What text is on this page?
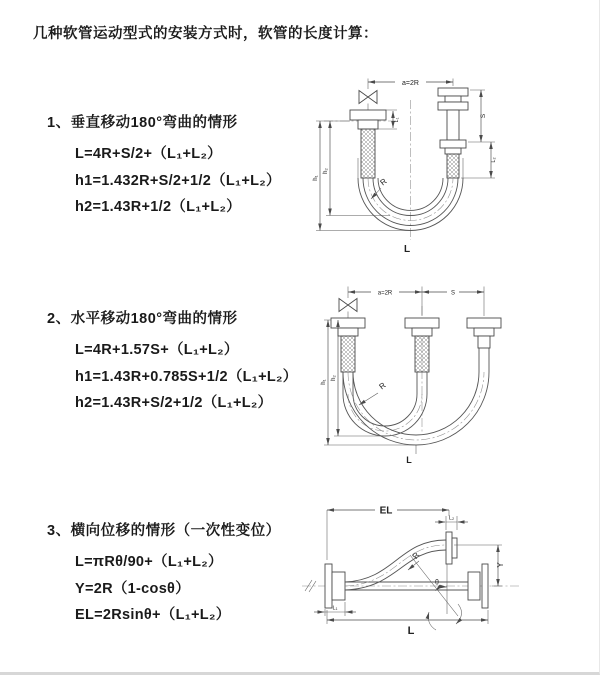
几种软管运动型式的安装方式时，软管的长度计算：
1、垂直移动180°弯曲的情形
L=4R+S/2+（L₁+L₂）
h1=1.432R+S/2+1/2（L₁+L₂）
h2=1.43R+1/2（L₁+L₂）
2、水平移动180°弯曲的情形
L=4R+1.57S+（L₁+L₂）
h1=1.43R+0.785S+1/2（L₁+L₂）
h2=1.43R+S/2+1/2（L₁+L₂）
3、横向位移的情形（一次性变位）
L=πRθ/90+（L₁+L₂）
Y=2R（1-cosθ）
EL=2Rsinθ+（L₁+L₂）
a=2R
L₁
h₁
h₂
S
L₂
R
L
a=2R	S
h₁
h₂
R
L
EL
L₂
Y
θ
R
L₁
L
